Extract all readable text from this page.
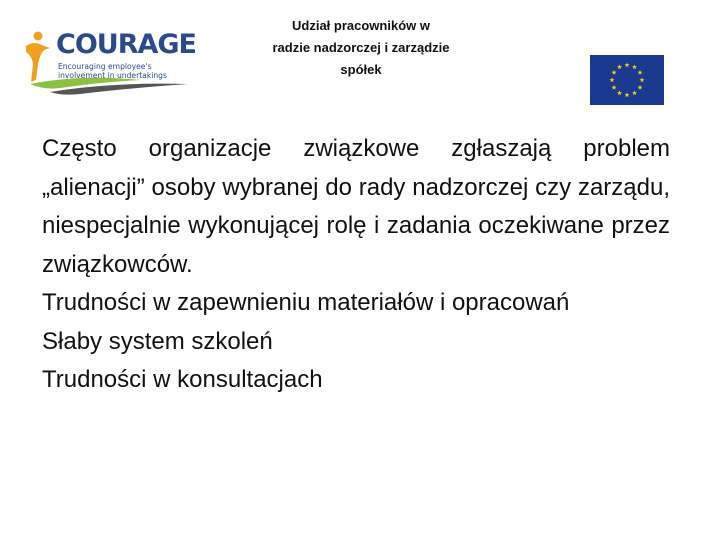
COURAGE
Encouraging employee's
involvement in undertakings
Udział pracowników w
radzie nadzorczej i zarządzie
spółek

Często organizacje związkowe zgłaszają problem „alienacji” osoby wybranej do rady nadzorczej czy zarządu, niespecjalnie wykonującej rolę i zadania oczekiwane przez związkowców.

Trudności w zapewnieniu materiałów i opracowań

Słaby system szkoleń

Trudności w konsultacjach
